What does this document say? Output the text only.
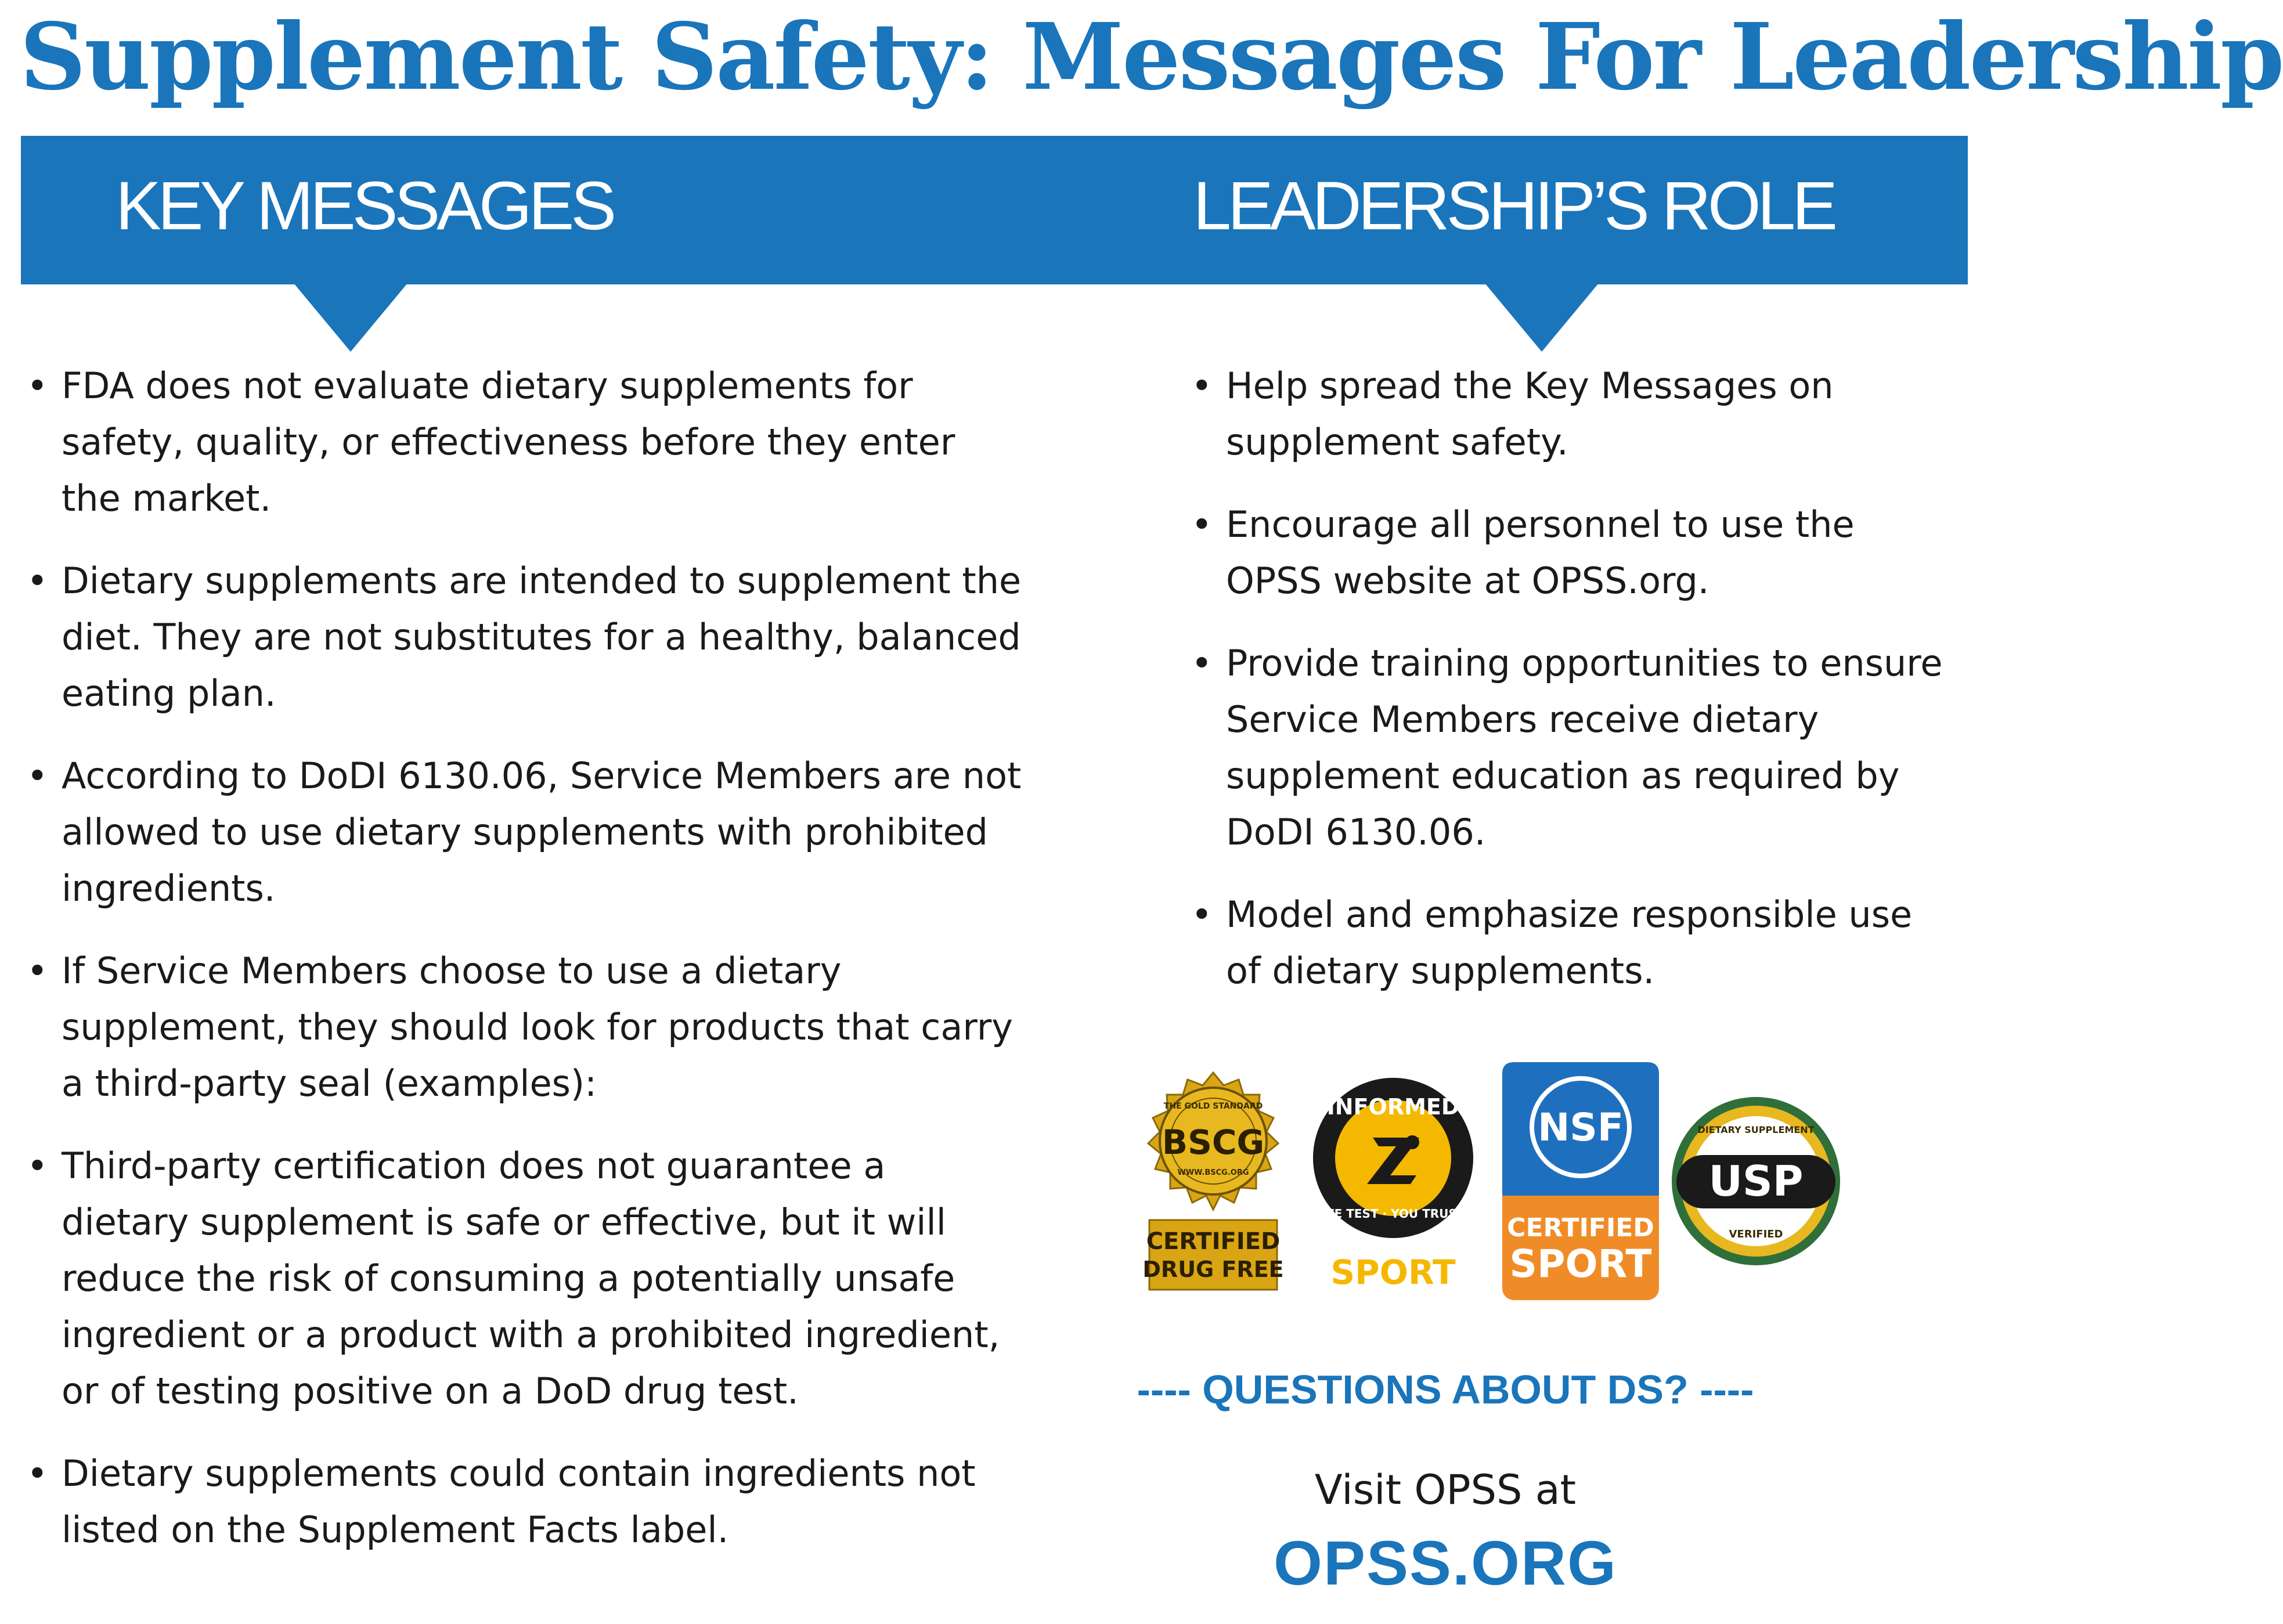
Supplement Safety: Messages For Leadership
KEY MESSAGES	LEADERSHIP’S ROLE
• FDA does not evaluate dietary supplements for safety, quality, or effectiveness before they enter the market.
• Dietary supplements are intended to supplement the diet. They are not substitutes for a healthy, balanced eating plan.
• According to DoDI 6130.06, Service Members are not allowed to use dietary supplements with prohibited ingredients.
• If Service Members choose to use a dietary supplement, they should look for products that carry a third-party seal (examples):
• Third-party certification does not guarantee a dietary supplement is safe or effective, but it will reduce the risk of consuming a potentially unsafe ingredient or a product with a prohibited ingredient, or of testing positive on a DoD drug test.
• Dietary supplements could contain ingredients not listed on the Supplement Facts label.
• Help spread the Key Messages on supplement safety.
• Encourage all personnel to use the OPSS website at OPSS.org.
• Provide training opportunities to ensure Service Members receive dietary supplement education as required by DoDI 6130.06.
• Model and emphasize responsible use of dietary supplements.
THE GOLD STANDARD
BSCG
WWW.BSCG.ORG
CERTIFIED
DRUG FREE
INFORMED
WE TEST · YOU TRUST
SPORT
NSF
CERTIFIED
SPORT
DIETARY SUPPLEMENT
USP
VERIFIED

---- QUESTIONS ABOUT DS? ----

Visit OPSS at

OPSS.ORG
